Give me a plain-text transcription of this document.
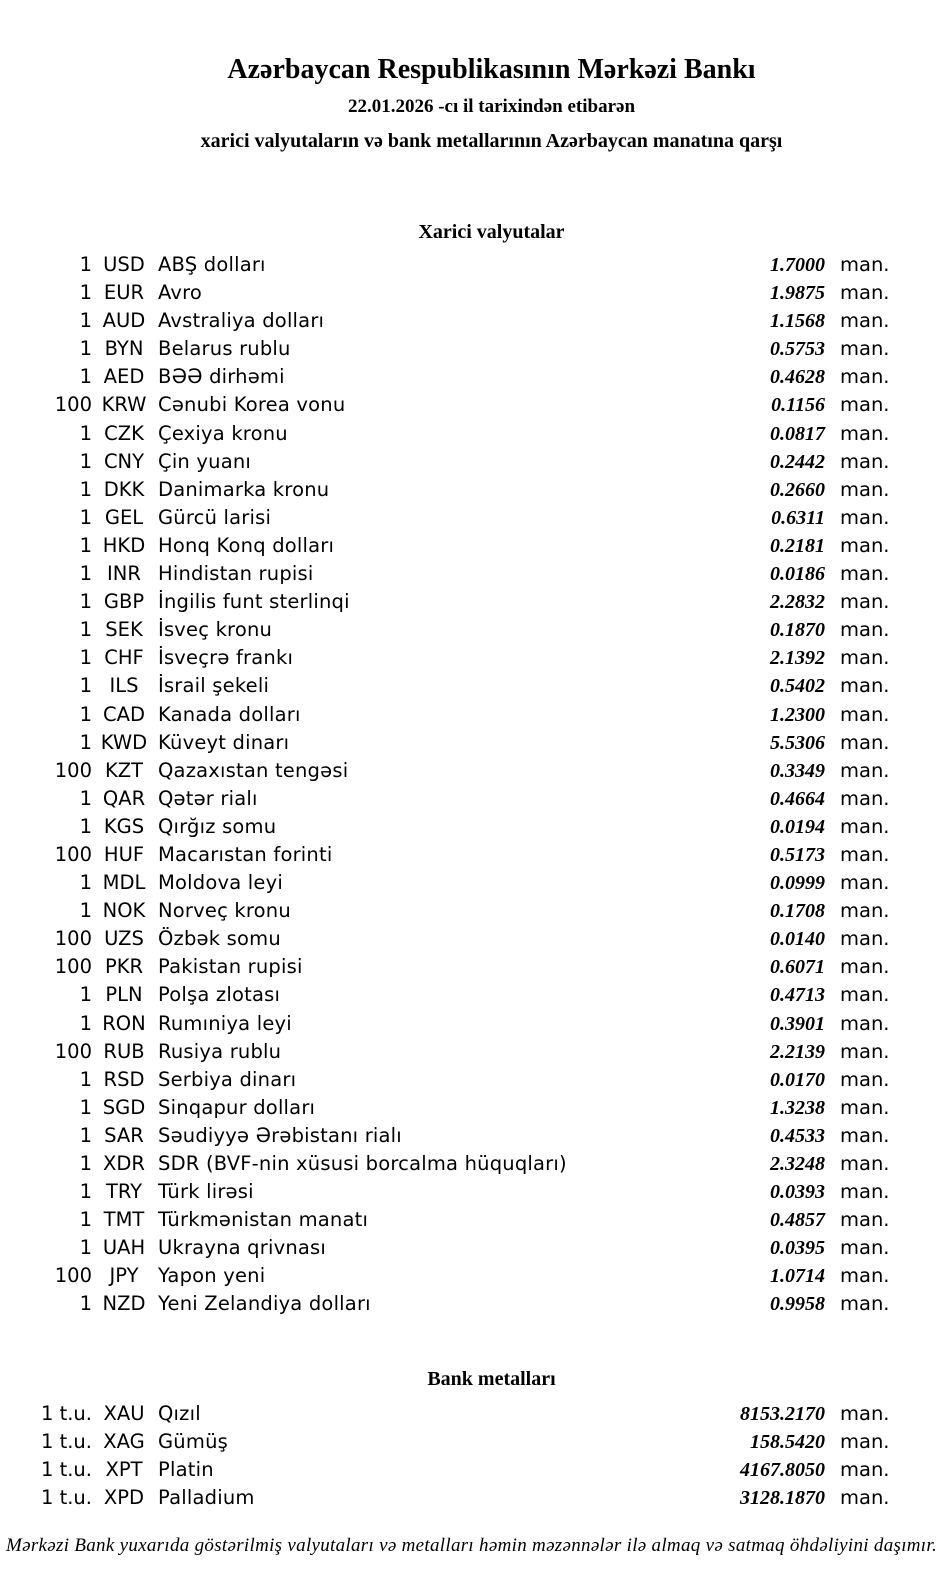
Azərbaycan Respublikasının Mərkəzi Bankı
22.01.2026 -cı il tarixindən etibarən
xarici valyutaların və bank metallarının Azərbaycan manatına qarşı
Xarici valyutalar
1 USD ABŞ dolları	1.7000 man.
1 EUR Avro	1.9875 man.
1 AUD Avstraliya dolları	1.1568 man.
1 BYN Belarus rublu	0.5753 man.
1 AED BƏƏ dirhəmi	0.4628 man.
100 KRW Cənubi Korea vonu	0.1156 man.
1 CZK Çexiya kronu	0.0817 man.
1 CNY Çin yuanı	0.2442 man.
1 DKK Danimarka kronu	0.2660 man.
1 GEL Gürcü larisi	0.6311 man.
1 HKD Honq Konq dolları	0.2181 man.
1 INR Hindistan rupisi	0.0186 man.
1 GBP İngilis funt sterlinqi	2.2832 man.
1 SEK İsveç kronu	0.1870 man.
1 CHF İsveçrə frankı	2.1392 man.
1 ILS	İsrail şekeli	0.5402 man.
1 CAD Kanada dolları	1.2300 man.
1 KWD Küveyt dinarı	5.5306 man.
100 KZT Qazaxıstan tengəsi	0.3349 man.
1 QAR Qətər rialı	0.4664 man.
1 KGS Qırğız somu	0.0194 man.
100 HUF Macarıstan forinti	0.5173 man.
1 MDL Moldova leyi	0.0999 man.
1 NOK Norveç kronu	0.1708 man.
100 UZS Özbək somu	0.0140 man.
100 PKR Pakistan rupisi	0.6071 man.
1 PLN Polşa zlotası	0.4713 man.
1 RON Rumıniya leyi	0.3901 man.
100 RUB Rusiya rublu	2.2139 man.
1 RSD Serbiya dinarı	0.0170 man.
1 SGD Sinqapur dolları	1.3238 man.
1 SAR Səudiyyə Ərəbistanı rialı	0.4533 man.
1 XDR SDR (BVF-nin xüsusi borcalma hüquqları)	2.3248 man.
1 TRY Türk lirəsi	0.0393 man.
1 TMT Türkmənistan manatı	0.4857 man.
1 UAH Ukrayna qrivnası	0.0395 man.
100 JPY	Yapon yeni	1.0714 man.
1 NZD Yeni Zelandiya dolları	0.9958 man.
Bank metalları
1 t.u. XAU Qızıl	8153.2170 man.
1 t.u. XAG Gümüş	158.5420 man.
1 t.u. XPT Platin	4167.8050 man.
1 t.u. XPD Palladium	3128.1870 man.
Mərkəzi Bank yuxarıda göstərilmiş valyutaları və metalları həmin məzənnələr ilə almaq və satmaq öhdəliyini daşımır.
